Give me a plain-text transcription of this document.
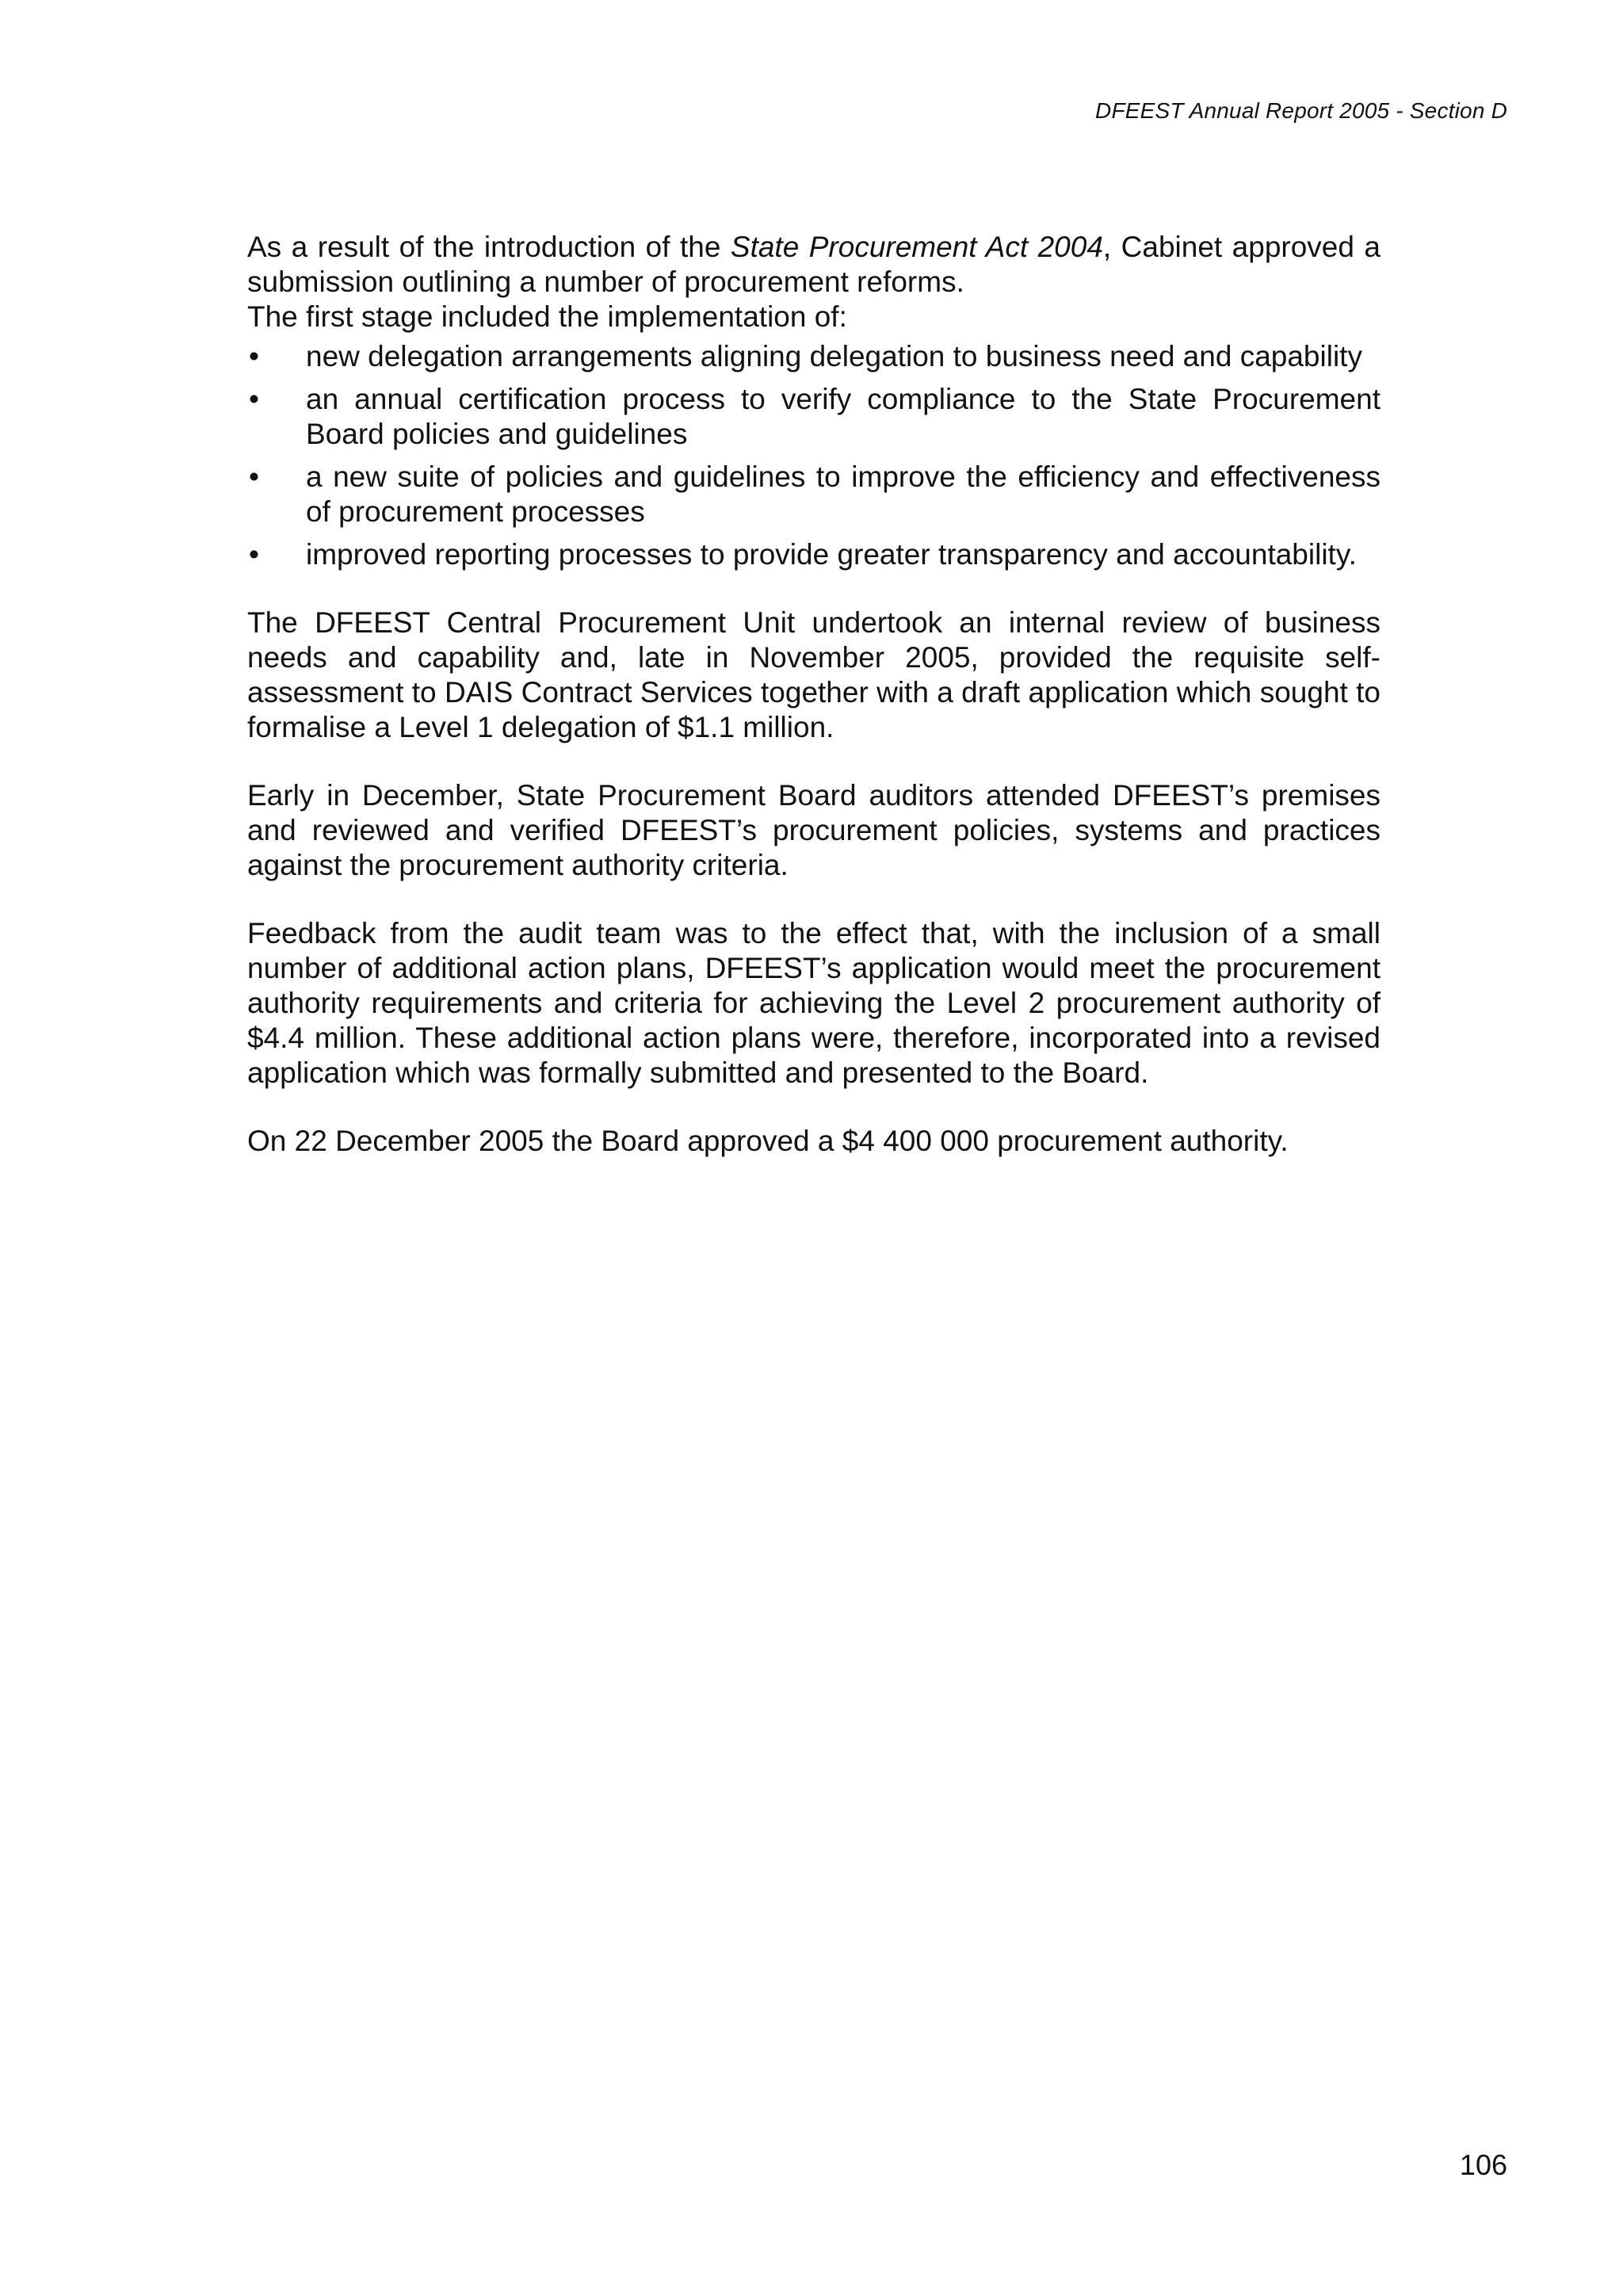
DFEEST Annual Report 2005 - Section D

As a result of the introduction of the State Procurement Act 2004, Cabinet approved a submission outlining a number of procurement reforms.

The first stage included the implementation of:

• new delegation arrangements aligning delegation to business need and capability
• an annual certification process to verify compliance to the State Procurement Board policies and guidelines
• a new suite of policies and guidelines to improve the efficiency and effectiveness of procurement processes
• improved reporting processes to provide greater transparency and accountability.

The DFEEST Central Procurement Unit undertook an internal review of business needs and capability and, late in November 2005, provided the requisite self-assessment to DAIS Contract Services together with a draft application which sought to formalise a Level 1 delegation of $1.1 million.

Early in December, State Procurement Board auditors attended DFEEST’s premises and reviewed and verified DFEEST’s procurement policies, systems and practices against the procurement authority criteria.

Feedback from the audit team was to the effect that, with the inclusion of a small number of additional action plans, DFEEST’s application would meet the procurement authority requirements and criteria for achieving the Level 2 procurement authority of $4.4 million. These additional action plans were, therefore, incorporated into a revised application which was formally submitted and presented to the Board.

On 22 December 2005 the Board approved a $4 400 000 procurement authority.

106
